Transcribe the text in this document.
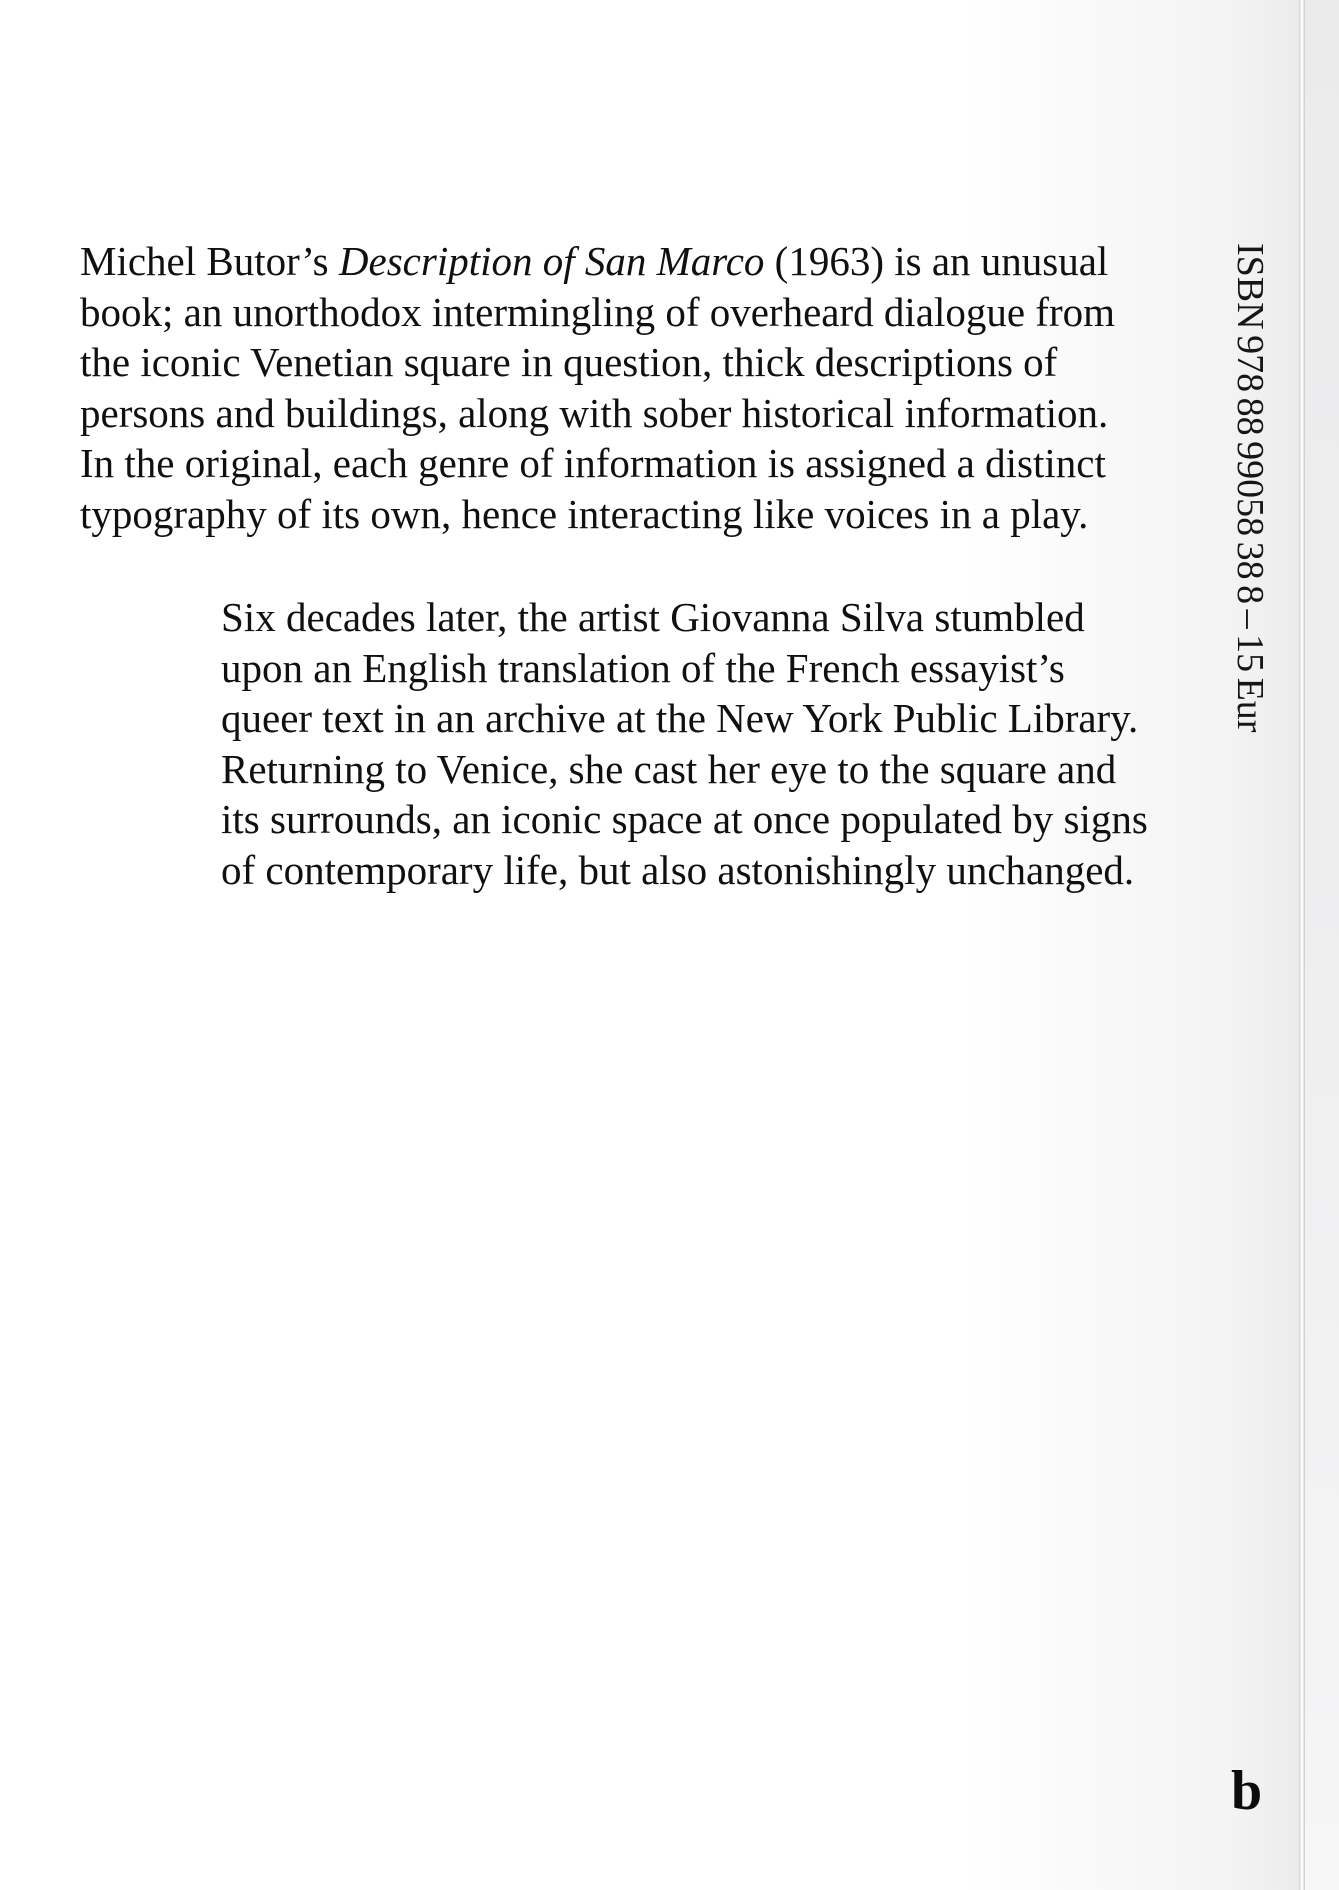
Michel Butor’s Description of San Marco (1963) is an unusual
book; an unorthodox intermingling of overheard dialogue from
the iconic Venetian square in question, thick descriptions of
persons and buildings, along with sober historical information.
In the original, each genre of information is assigned a distinct
typography of its own, hence interacting like voices in a play.
Six decades later, the artist Giovanna Silva stumbled
upon an English translation of the French essayist’s
queer text in an archive at the New York Public Library.
Returning to Venice, she cast her eye to the square and
its surrounds, an iconic space at once populated by signs
of contemporary life, but also astonishingly unchanged.
ISBN 978 88 99058 38 8 – 15 Eur
b
